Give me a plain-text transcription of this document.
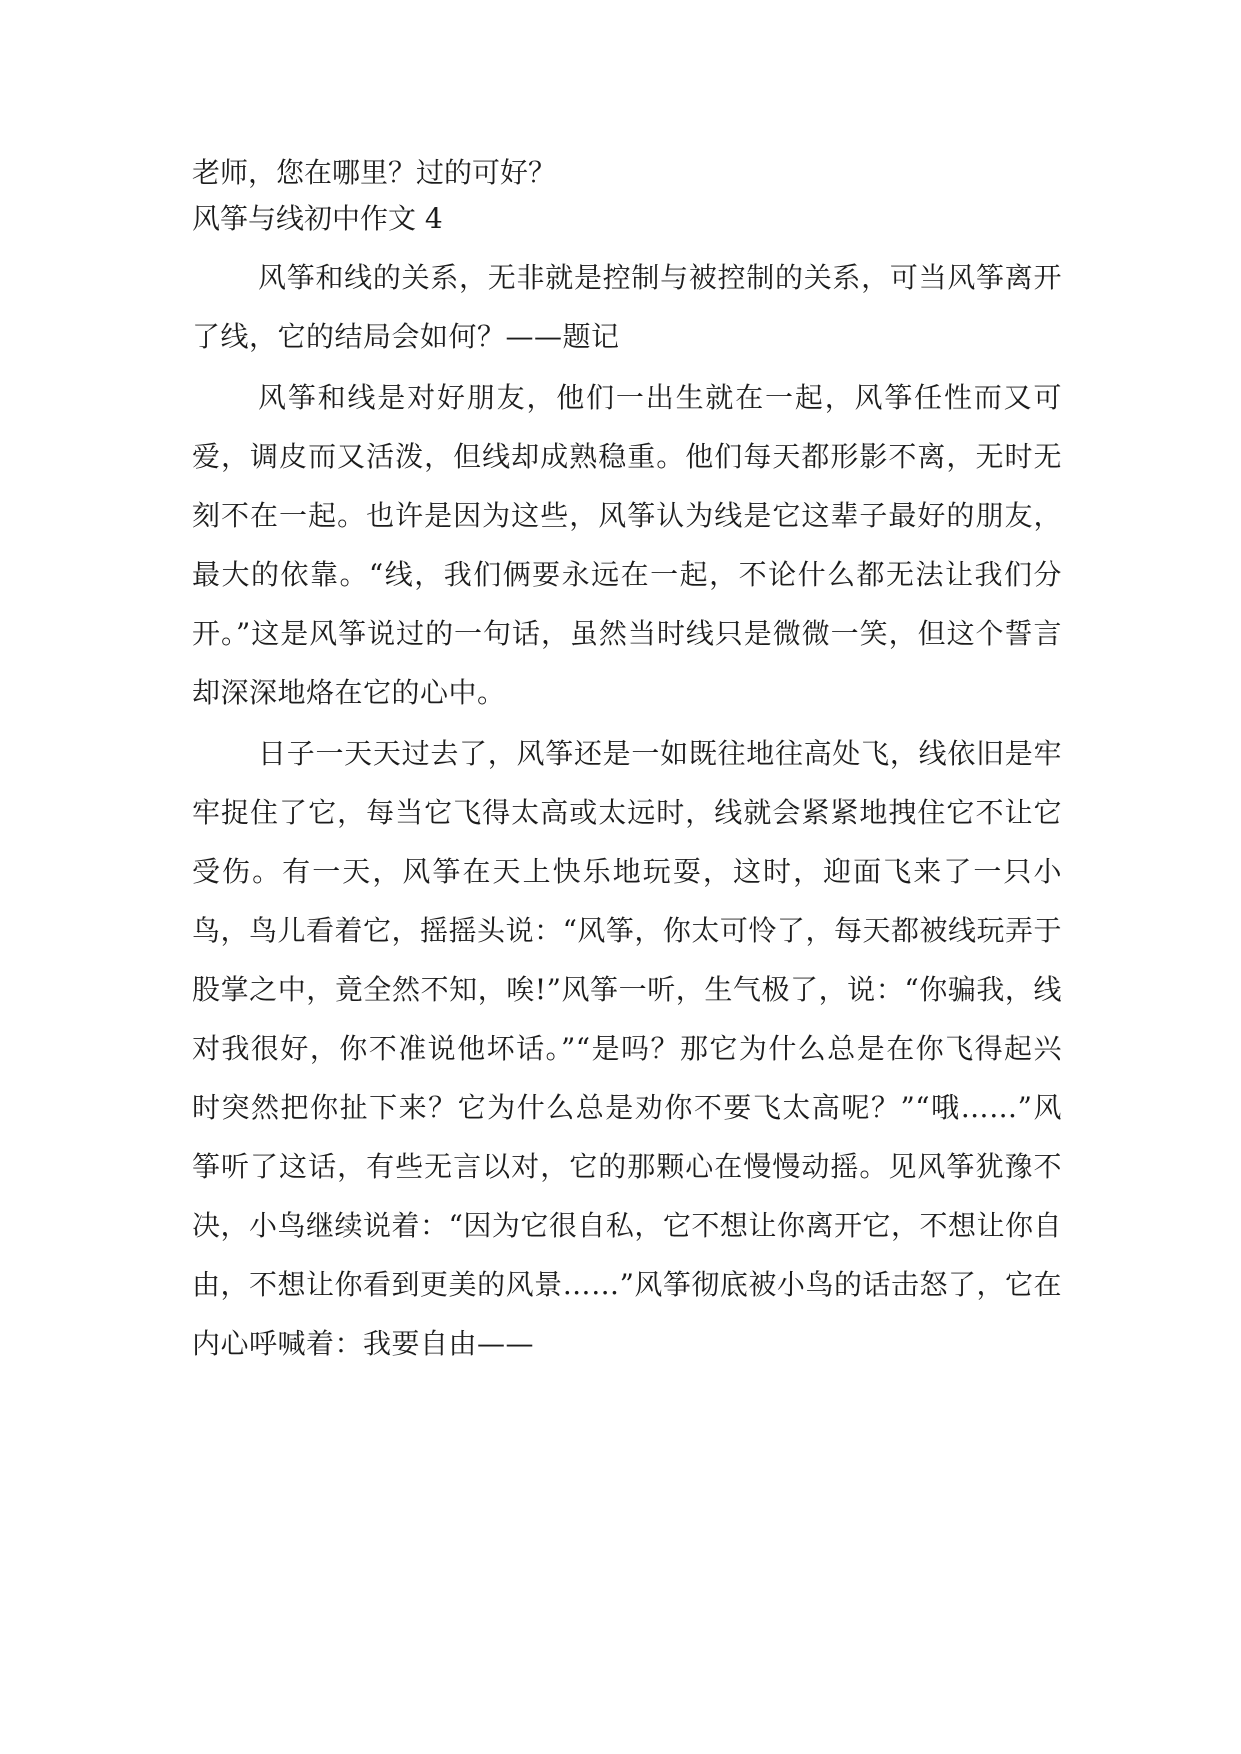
老师，您在哪里？过的可好？

风筝与线初中作文 4

风筝和线的关系，无非就是控制与被控制的关系，可当风筝离开了线，它的结局会如何？——题记

风筝和线是对好朋友，他们一出生就在一起，风筝任性而又可爱，调皮而又活泼，但线却成熟稳重。他们每天都形影不离，无时无刻不在一起。也许是因为这些，风筝认为线是它这辈子最好的朋友，最大的依靠。“线，我们俩要永远在一起，不论什么都无法让我们分开。”这是风筝说过的一句话，虽然当时线只是微微一笑，但这个誓言却深深地烙在它的心中。

日子一天天过去了，风筝还是一如既往地往高处飞，线依旧是牢牢捉住了它，每当它飞得太高或太远时，线就会紧紧地拽住它不让它受伤。有一天，风筝在天上快乐地玩耍，这时，迎面飞来了一只小鸟，鸟儿看着它，摇摇头说：“风筝，你太可怜了，每天都被线玩弄于股掌之中，竟全然不知，唉!”风筝一听，生气极了，说：“你骗我，线对我很好，你不准说他坏话。”“是吗？那它为什么总是在你飞得起兴时突然把你扯下来？它为什么总是劝你不要飞太高呢？”“哦……”风筝听了这话，有些无言以对，它的那颗心在慢慢动摇。见风筝犹豫不决，小鸟继续说着：“因为它很自私，它不想让你离开它，不想让你自由，不想让你看到更美的风景……”风筝彻底被小鸟的话击怒了，它在内心呼喊着：我要自由——
